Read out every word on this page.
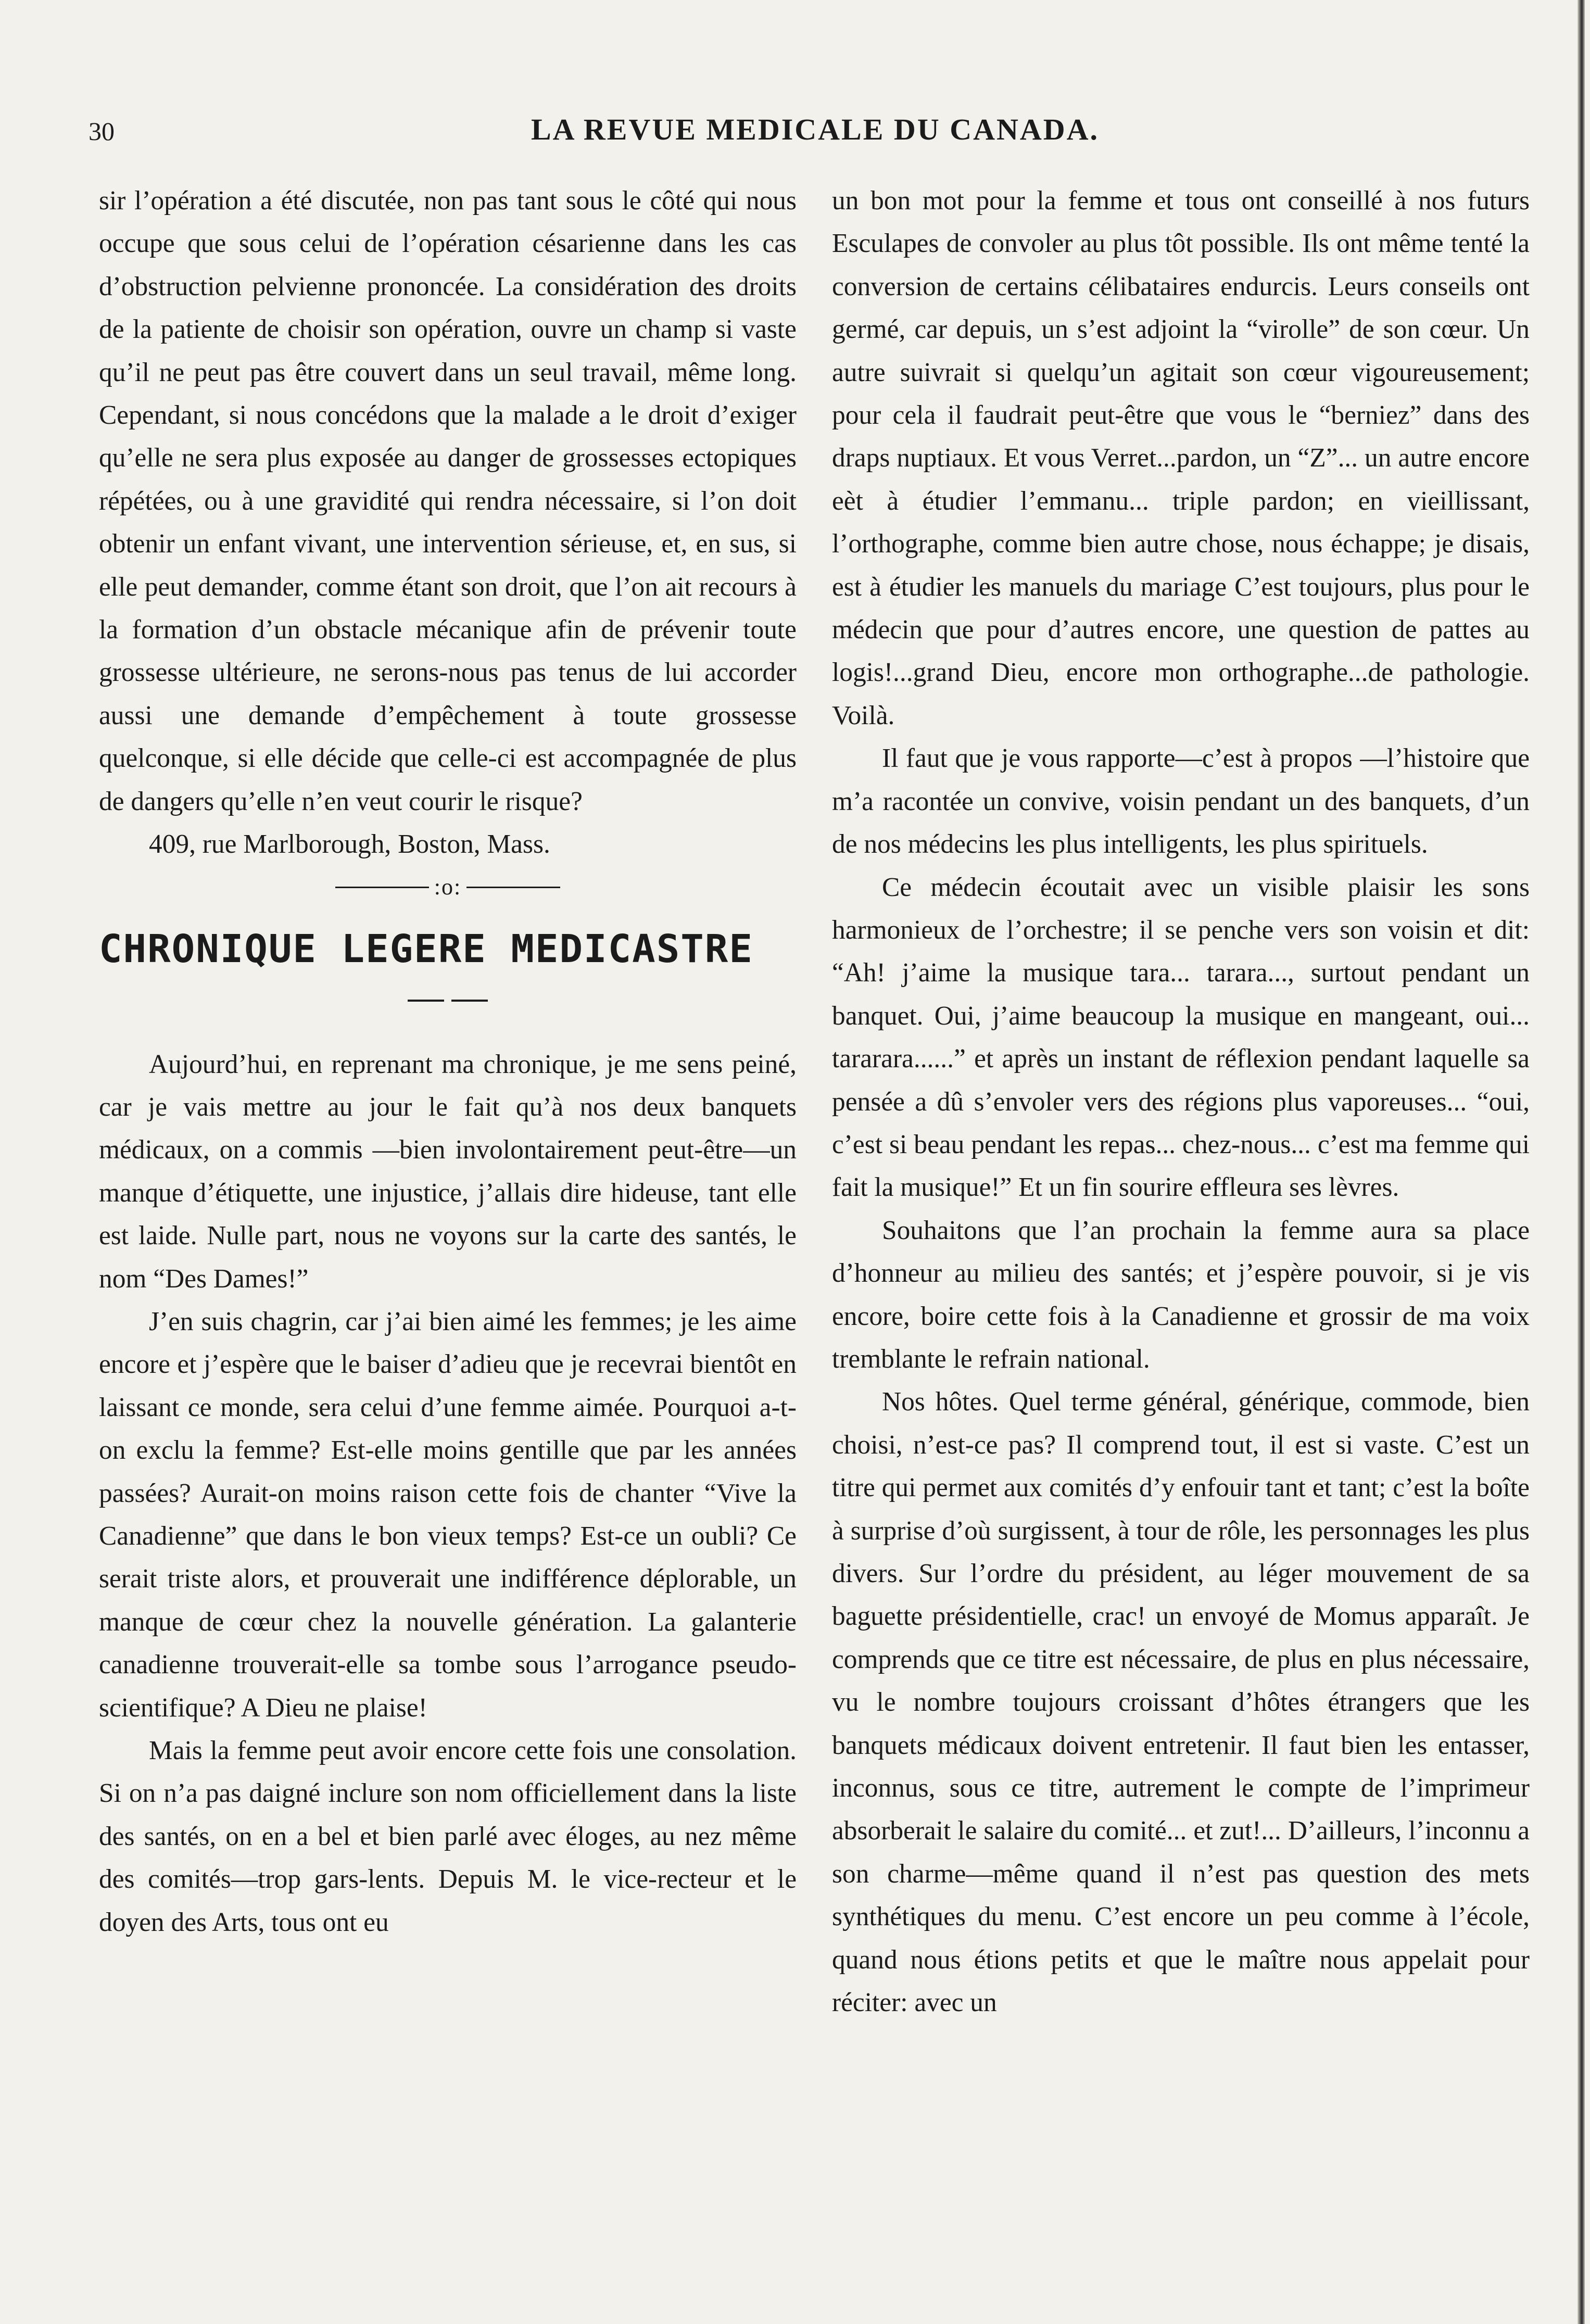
30	LA REVUE MEDICALE DU CANADA.

sir l’opération a été discutée, non pas tant sous le côté qui nous occupe que sous celui de l’opération césarienne dans les cas d’obstruction pelvienne prononcée. La considération des droits de la patiente de choisir son opération, ouvre un champ si vaste qu’il ne peut pas être couvert dans un seul travail, même long. Cependant, si nous concédons que la malade a le droit d’exiger qu’elle ne sera plus exposée au danger de grossesses ectopiques répétées, ou à une gravidité qui rendra nécessaire, si l’on doit obtenir un enfant vivant, une intervention sérieuse, et, en sus, si elle peut demander, comme étant son droit, que l’on ait recours à la formation d’un obstacle mécanique afin de prévenir toute grossesse ultérieure, ne serons-nous pas tenus de lui accorder aussi une demande d’empêchement à toute grossesse quelconque, si elle décide que celle-ci est accompagnée de plus de dangers qu’elle n’en veut courir le risque?

409, rue Marlborough, Boston, Mass.

:o:
CHRONIQUE LEGERE MEDICASTRE

Aujourd’hui, en reprenant ma chronique, je me sens peiné, car je vais mettre au jour le fait qu’à nos deux banquets médicaux, on a commis —bien involontairement peut-être—un manque d’étiquette, une injustice, j’allais dire hideuse, tant elle est laide. Nulle part, nous ne voyons sur la carte des santés, le nom “Des Dames!”

J’en suis chagrin, car j’ai bien aimé les femmes; je les aime encore et j’espère que le baiser d’adieu que je recevrai bientôt en laissant ce monde, sera celui d’une femme aimée. Pourquoi a-t-on exclu la femme? Est-elle moins gentille que par les années passées? Aurait-on moins raison cette fois de chanter “Vive la Canadienne” que dans le bon vieux temps? Est-ce un oubli? Ce serait triste alors, et prouverait une indifférence déplorable, un manque de cœur chez la nouvelle génération. La galanterie canadienne trouverait-elle sa tombe sous l’arrogance pseudo-scientifique? A Dieu ne plaise!

Mais la femme peut avoir encore cette fois une consolation. Si on n’a pas daigné inclure son nom officiellement dans la liste des santés, on en a bel et bien parlé avec éloges, au nez même des comités—trop gars-lents. Depuis M. le vice-recteur et le doyen des Arts, tous ont eu

un bon mot pour la femme et tous ont conseillé à nos futurs Esculapes de convoler au plus tôt possible. Ils ont même tenté la conversion de certains célibataires endurcis. Leurs conseils ont germé, car depuis, un s’est adjoint la “virolle” de son cœur. Un autre suivrait si quelqu’un agitait son cœur vigoureusement; pour cela il faudrait peut-être que vous le “berniez” dans des draps nuptiaux. Et vous Verret...pardon, un “Z”... un autre encore eèt à étudier l’emmanu... triple pardon; en vieillissant, l’orthographe, comme bien autre chose, nous échappe; je disais, est à étudier les manuels du mariage C’est toujours, plus pour le médecin que pour d’autres encore, une question de pattes au logis!...grand Dieu, encore mon orthographe...de pathologie. Voilà.

Il faut que je vous rapporte—c’est à propos —l’histoire que m’a racontée un convive, voisin pendant un des banquets, d’un de nos médecins les plus intelligents, les plus spirituels.

Ce médecin écoutait avec un visible plaisir les sons harmonieux de l’orchestre; il se penche vers son voisin et dit: “Ah! j’aime la musique tara... tarara..., surtout pendant un banquet. Oui, j’aime beaucoup la musique en mangeant, oui... tararara......” et après un instant de réflexion pendant laquelle sa pensée a dû s’envoler vers des régions plus vaporeuses... “oui, c’est si beau pendant les repas... chez-nous... c’est ma femme qui fait la musique!” Et un fin sourire effleura ses lèvres.

Souhaitons que l’an prochain la femme aura sa place d’honneur au milieu des santés; et j’espère pouvoir, si je vis encore, boire cette fois à la Canadienne et grossir de ma voix tremblante le refrain national.

Nos hôtes. Quel terme général, générique, commode, bien choisi, n’est-ce pas? Il comprend tout, il est si vaste. C’est un titre qui permet aux comités d’y enfouir tant et tant; c’est la boîte à surprise d’où surgissent, à tour de rôle, les personnages les plus divers. Sur l’ordre du président, au léger mouvement de sa baguette présidentielle, crac! un envoyé de Momus apparaît. Je comprends que ce titre est nécessaire, de plus en plus nécessaire, vu le nombre toujours croissant d’hôtes étrangers que les banquets médicaux doivent entretenir. Il faut bien les entasser, inconnus, sous ce titre, autrement le compte de l’imprimeur absorberait le salaire du comité... et zut!... D’ailleurs, l’inconnu a son charme—même quand il n’est pas question des mets synthétiques du menu. C’est encore un peu comme à l’école, quand nous étions petits et que le maître nous appelait pour réciter: avec un
